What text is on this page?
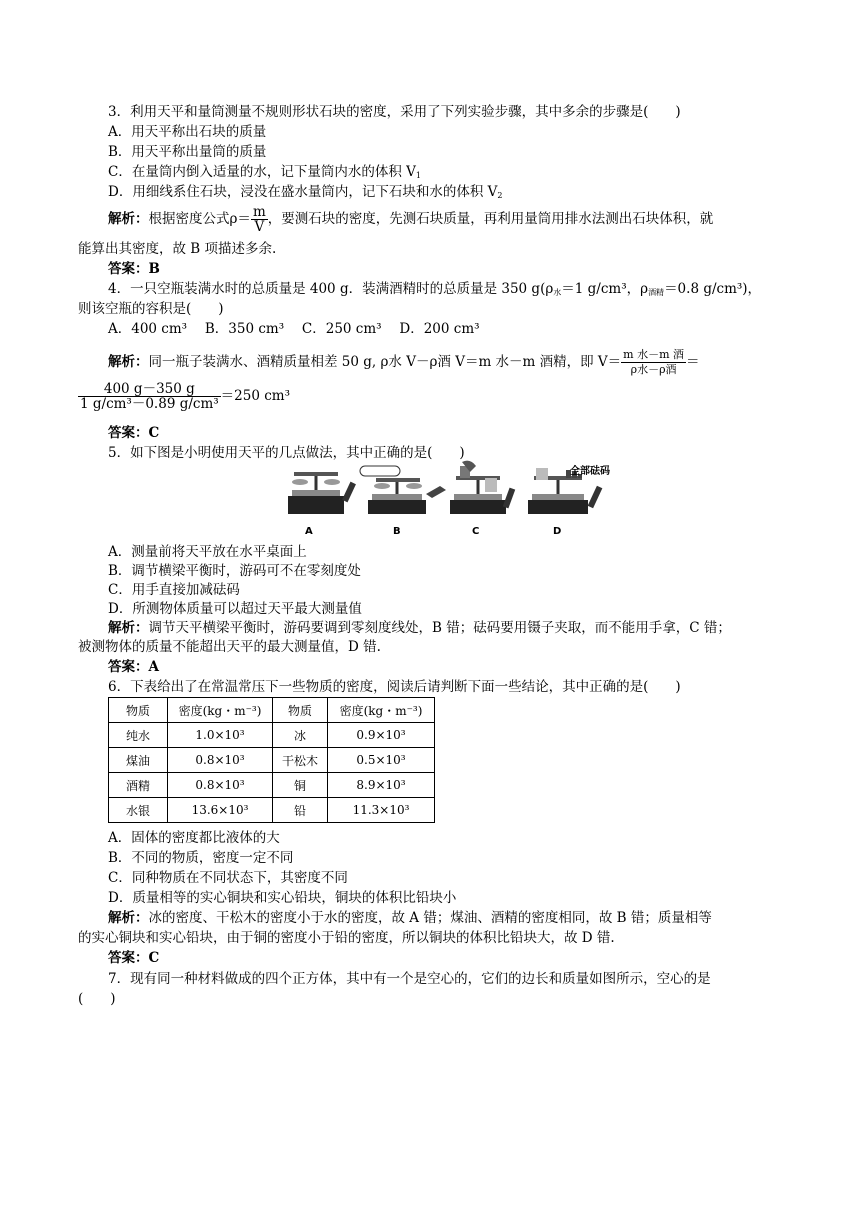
3．利用天平和量筒测量不规则形状石块的密度，采用了下列实验步骤，其中多余的步骤是(　　)
A．用天平称出石块的质量
B．用天平称出量筒的质量
C．在量筒内倒入适量的水，记下量筒内水的体积 $V_1$
D．用细线系住石块，浸没在盛水量筒内，记下石块和水的体积 $V_2$
解析：根据密度公式$\rho= \frac{m}{V}$ ，要测石块的密度，先测石块质量，再利用量筒用排水法测出石块体积，就
能算出其密度，故 B 项描述多余.
答案：B
4．一只空瓶装满水时的总质量是 400 g．装满酒精时的总质量是 350 $g(\rho_水=1$ g/cm³，$\rho_{酒精}=0.8$ g/cm³)，
则该空瓶的容积是(　　)
A．400 cm³　 B．350 cm³　 C．250 cm³　 D．200 cm³
解析：同一瓶子装满水、酒精质量相差 50 g, ρ水 V－ρ酒 V＝m 水－m 酒精，即 $V= \frac{\text{m 水－m 酒}}{\text{ρ水－ρ酒}}$ ＝
$\frac{400 g-350 g}{\text{1 g/cm³－0.89 g/cm³}} =250$ cm³
答案：C
5．如下图是小明使用天平的几点做法，其中正确的是(　　)
全部砝码
A	B	C	D
A．测量前将天平放在水平桌面上
B．调节横梁平衡时，游码可不在零刻度处
C．用手直接加减砝码
D．所测物体质量可以超过天平最大测量值
解析：调节天平横梁平衡时，游码要调到零刻度线处，B 错；砝码要用镊子夹取，而不能用手拿，C 错；
被测物体的质量不能超出天平的最大测量值，D 错.
答案：A
6．下表给出了在常温常压下一些物质的密度，阅读后请判断下面一些结论，其中正确的是(　　)
物质	密度(kg・m⁻³)	物质	密度(kg・m⁻³)
纯水	1.0×10³	冰	0.9×10³
煤油	0.8×10³	干松木	0.5×10³
酒精	0.8×10³	铜	8.9×10³
水银	13.6×10³	铅	11.3×10³
A．固体的密度都比液体的大
B．不同的物质，密度一定不同
C．同种物质在不同状态下，其密度不同
D．质量相等的实心铜块和实心铅块，铜块的体积比铅块小
解析：冰的密度、干松木的密度小于水的密度，故 A 错；煤油、酒精的密度相同，故 B 错；质量相等
的实心铜块和实心铅块，由于铜的密度小于铅的密度，所以铜块的体积比铅块大，故 D 错.
答案：C
7．现有同一种材料做成的四个正方体，其中有一个是空心的，它们的边长和质量如图所示，空心的是
(　　)
